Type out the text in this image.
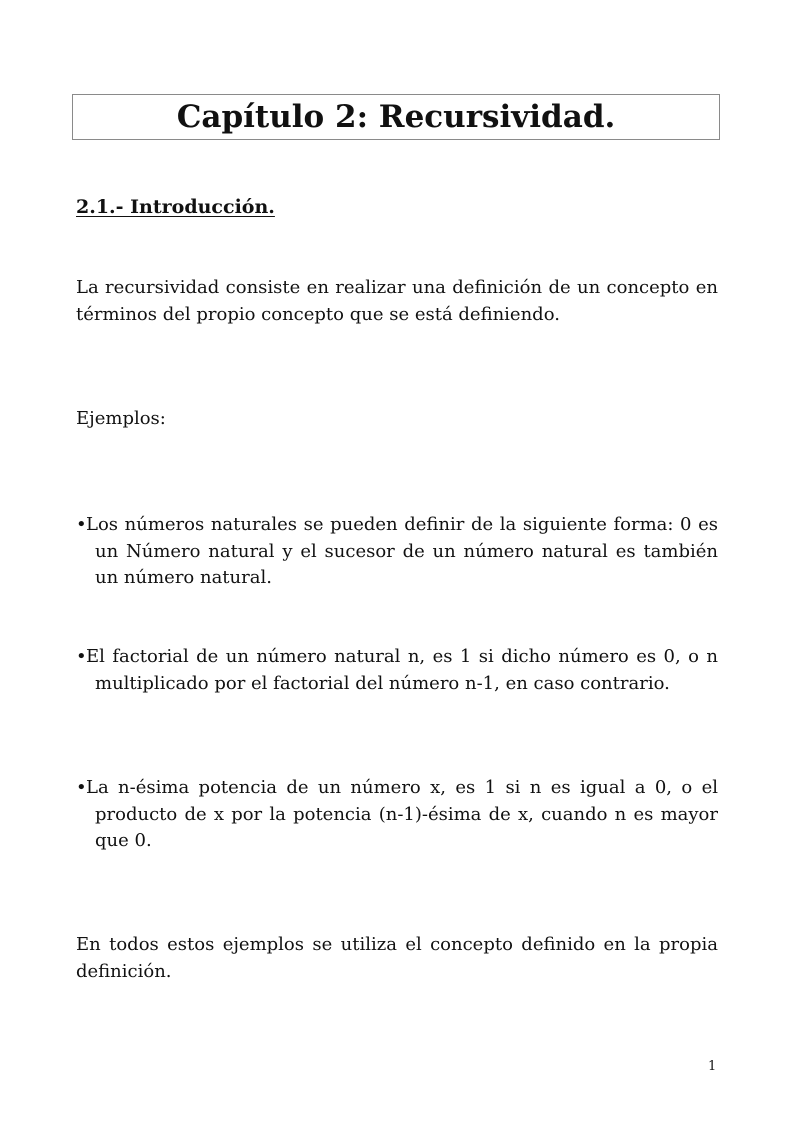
Capítulo 2: Recursividad.
2.1.- Introducción.

La recursividad consiste en realizar una definición de un concepto en términos del propio concepto que se está definiendo.

Ejemplos:

•Los números naturales se pueden definir de la siguiente forma: 0 es un Número natural y el sucesor de un número natural es también un número natural.

•El factorial de un número natural n, es 1 si dicho número es 0, o n multiplicado por el factorial del número n-1, en caso contrario.

•La n-ésima potencia de un número x, es 1 si n es igual a 0, o el producto de x por la potencia (n-1)-ésima de x, cuando n es mayor que 0.

En todos estos ejemplos se utiliza el concepto definido en la propia definición.

1
